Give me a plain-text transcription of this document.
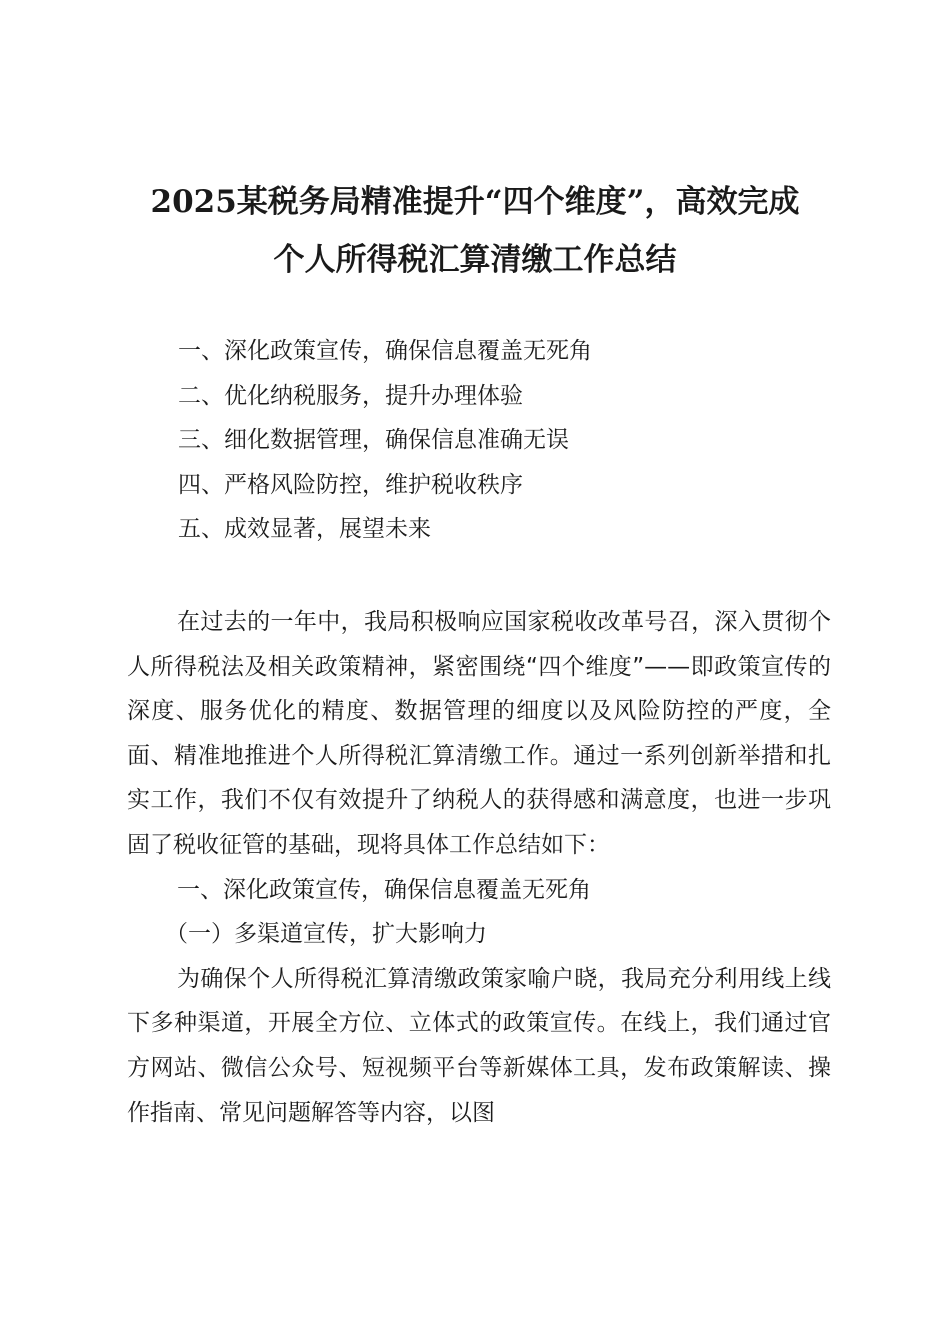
2025某税务局精准提升“四个维度”，高效完成
个人所得税汇算清缴工作总结
一、深化政策宣传，确保信息覆盖无死角
二、优化纳税服务，提升办理体验
三、细化数据管理，确保信息准确无误
四、严格风险防控，维护税收秩序
五、成效显著，展望未来

在过去的一年中，我局积极响应国家税收改革号召，深入贯彻个人所得税法及相关政策精神，紧密围绕“四个维度”——即政策宣传的深度、服务优化的精度、数据管理的细度以及风险防控的严度，全面、精准地推进个人所得税汇算清缴工作。通过一系列创新举措和扎实工作，我们不仅有效提升了纳税人的获得感和满意度，也进一步巩固了税收征管的基础，现将具体工作总结如下：

一、深化政策宣传，确保信息覆盖无死角

（一）多渠道宣传，扩大影响力

为确保个人所得税汇算清缴政策家喻户晓，我局充分利用线上线下多种渠道，开展全方位、立体式的政策宣传。在线上，我们通过官方网站、微信公众号、短视频平台等新媒体工具，发布政策解读、操作指南、常见问题解答等内容，以图
